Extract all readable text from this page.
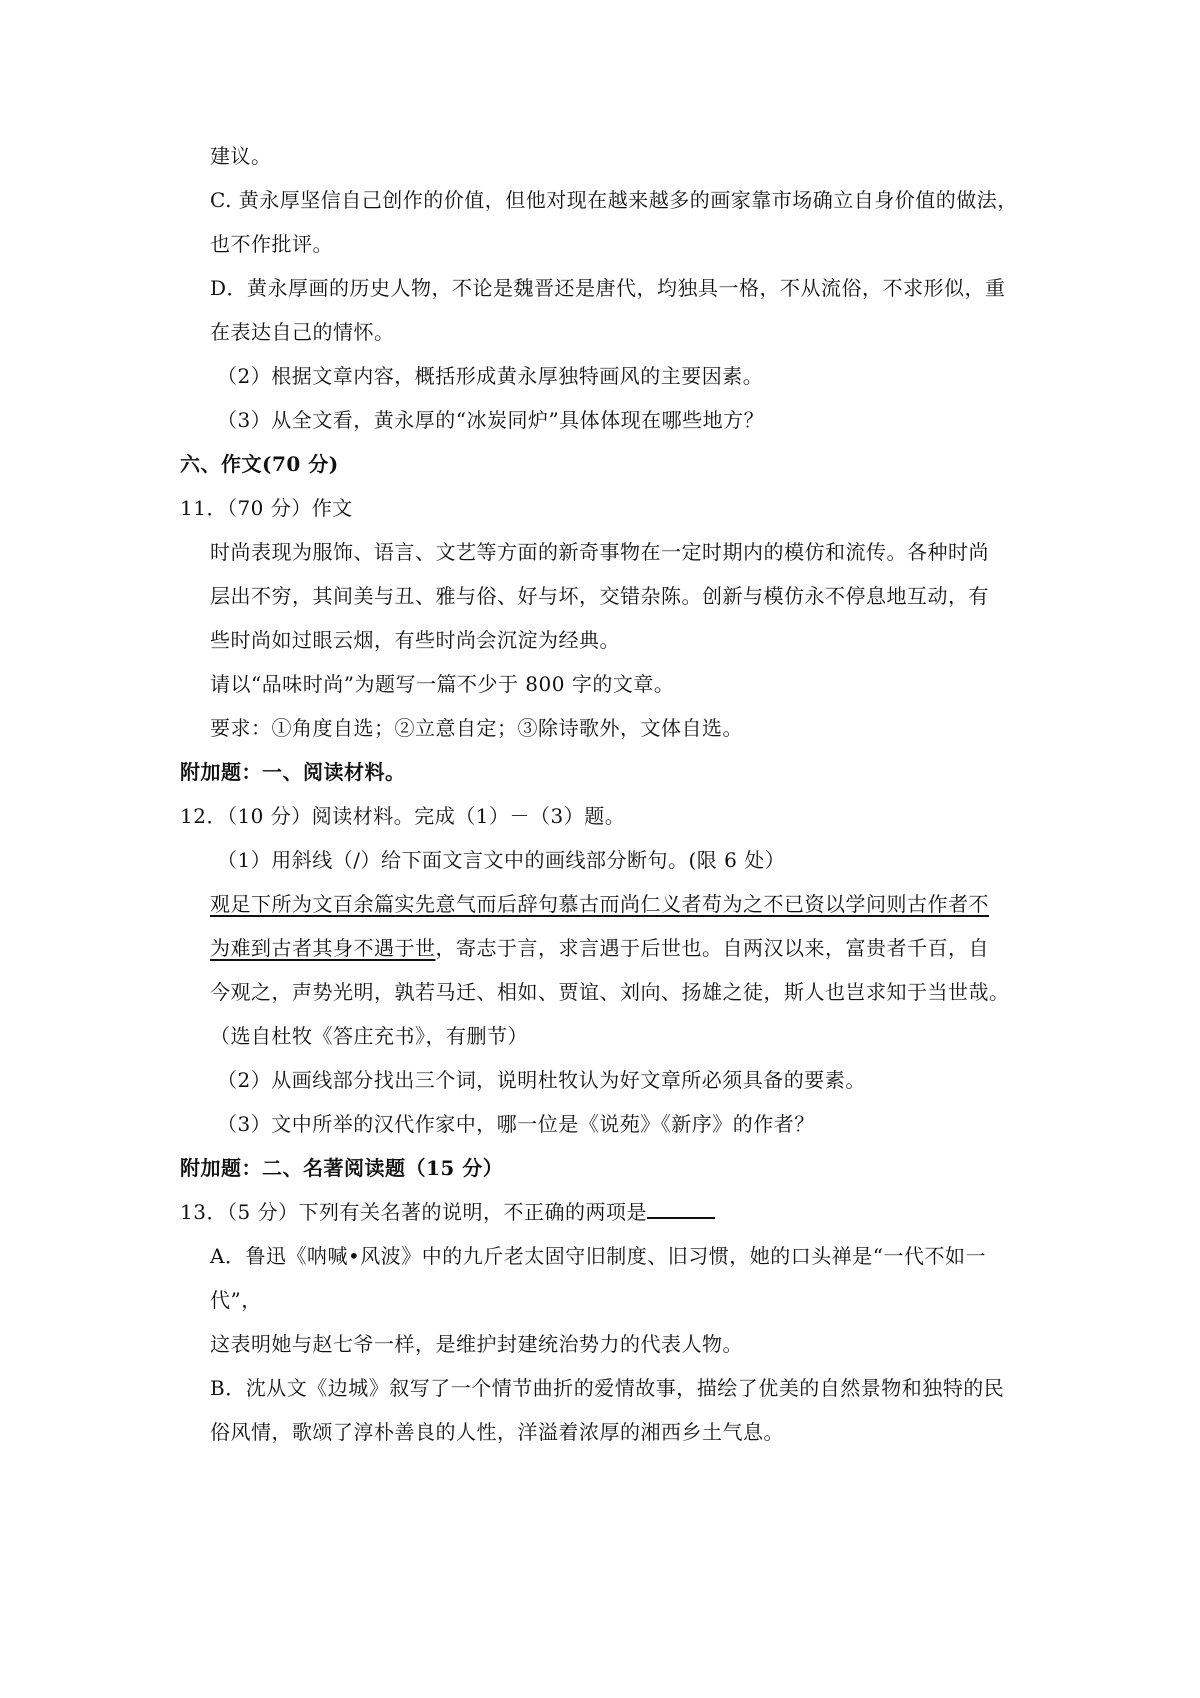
建议。
C. 黄永厚坚信自己创作的价值，但他对现在越来越多的画家靠市场确立自身价值的做法，
也不作批评。
D．黄永厚画的历史人物，不论是魏晋还是唐代，均独具一格，不从流俗，不求形似，重
在表达自己的情怀。
（2）根据文章内容，概括形成黄永厚独特画风的主要因素。
（3）从全文看，黄永厚的“冰炭同炉”具体体现在哪些地方？
六、作文(70 分)
11．（70 分）作文
时尚表现为服饰、语言、文艺等方面的新奇事物在一定时期内的模仿和流传。各种时尚
层出不穷，其间美与丑、雅与俗、好与坏，交错杂陈。创新与模仿永不停息地互动，有
些时尚如过眼云烟，有些时尚会沉淀为经典。
请以“品味时尚”为题写一篇不少于 800 字的文章。
要求：①角度自选；②立意自定；③除诗歌外，文体自选。
附加题：一、阅读材料。
12．（10 分）阅读材料。完成（1）－（3）题。
（1）用斜线（/）给下面文言文中的画线部分断句。(限 6 处）
观足下所为文百余篇实先意气而后辞句慕古而尚仁义者苟为之不已资以学问则古作者不
为难到古者其身不遇于世，寄志于言，求言遇于后世也。自两汉以来，富贵者千百，自
今观之，声势光明，孰若马迁、相如、贾谊、刘向、扬雄之徒，斯人也岂求知于当世哉。
（选自杜牧《答庄充书》，有删节）
（2）从画线部分找出三个词，说明杜牧认为好文章所必须具备的要素。
（3）文中所举的汉代作家中，哪一位是《说苑》《新序》的作者？
附加题：二、名著阅读题（15 分）
13．（5 分）下列有关名著的说明，不正确的两项是
A．鲁迅《呐喊•风波》中的九斤老太固守旧制度、旧习惯，她的口头禅是“一代不如一
代”，
这表明她与赵七爷一样，是维护封建统治势力的代表人物。
B．沈从文《边城》叙写了一个情节曲折的爱情故事，描绘了优美的自然景物和独特的民
俗风情，歌颂了淳朴善良的人性，洋溢着浓厚的湘西乡土气息。
